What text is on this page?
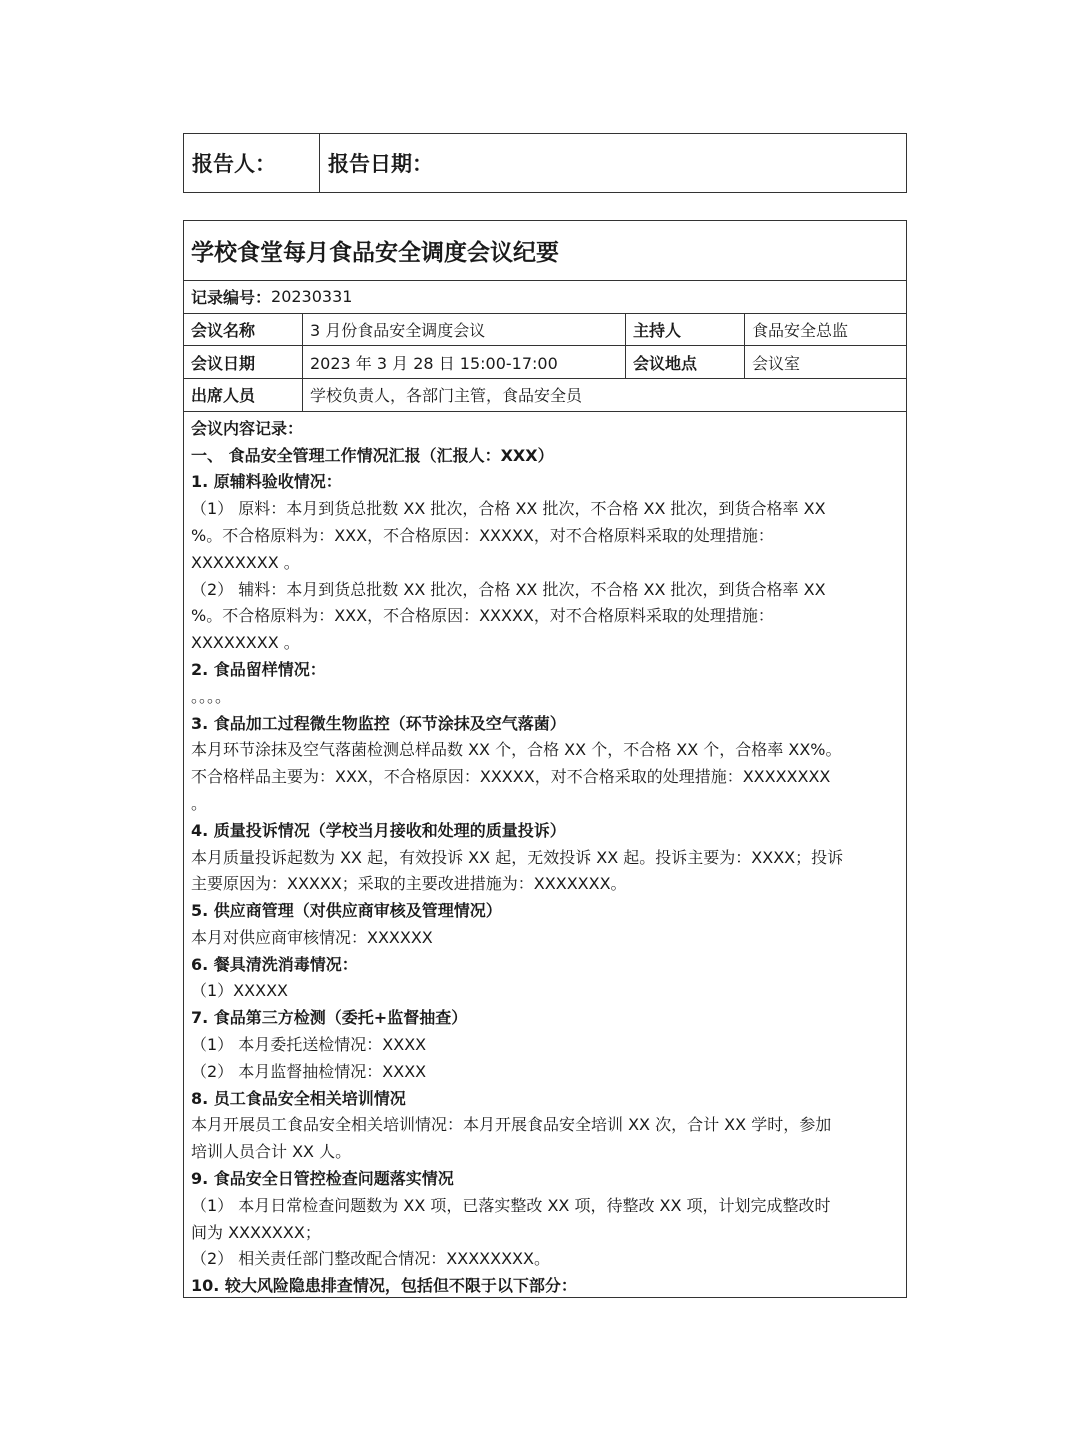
报告人：	报告日期：
学校食堂每月食品安全调度会议纪要
记录编号： 20230331
会议名称	3 月份食品安全调度会议	主持人	食品安全总监
会议日期	2023 年 3 月 28 日 15:00-17:00	会议地点	会议室
出席人员	学校负责人，各部门主管，食品安全员

会议内容记录：

一、 食品安全管理工作情况汇报（汇报人：XXX）

1. 原辅料验收情况：

（1） 原料：本月到货总批数 XX 批次，合格 XX 批次，不合格 XX 批次，到货合格率 XX

%。不合格原料为：XXX，不合格原因：XXXXX，对不合格原料采取的处理措施：

XXXXXXXX 。

（2） 辅料：本月到货总批数 XX 批次，合格 XX 批次，不合格 XX 批次，到货合格率 XX

%。不合格原料为：XXX，不合格原因：XXXXX，对不合格原料采取的处理措施：

XXXXXXXX 。

2. 食品留样情况：

。。。。

3. 食品加工过程微生物监控（环节涂抹及空气落菌）

本月环节涂抹及空气落菌检测总样品数 XX 个，合格 XX 个，不合格 XX 个，合格率 XX%。

不合格样品主要为：XXX，不合格原因：XXXXX，对不合格采取的处理措施：XXXXXXXX

。

4. 质量投诉情况（学校当月接收和处理的质量投诉）

本月质量投诉起数为 XX 起，有效投诉 XX 起，无效投诉 XX 起。投诉主要为：XXXX；投诉

主要原因为：XXXXX；采取的主要改进措施为：XXXXXXX。

5. 供应商管理（对供应商审核及管理情况）

本月对供应商审核情况：XXXXXX

6. 餐具清洗消毒情况：

（1）XXXXX

7. 食品第三方检测（委托+监督抽查）

（1） 本月委托送检情况：XXXX

（2） 本月监督抽检情况：XXXX

8. 员工食品安全相关培训情况

本月开展员工食品安全相关培训情况：本月开展食品安全培训 XX 次，合计 XX 学时，参加

培训人员合计 XX 人。

9. 食品安全日管控检查问题落实情况

（1） 本月日常检查问题数为 XX 项，已落实整改 XX 项，待整改 XX 项，计划完成整改时

间为 XXXXXXX；

（2） 相关责任部门整改配合情况：XXXXXXXX。

10. 较大风险隐患排查情况，包括但不限于以下部分：
